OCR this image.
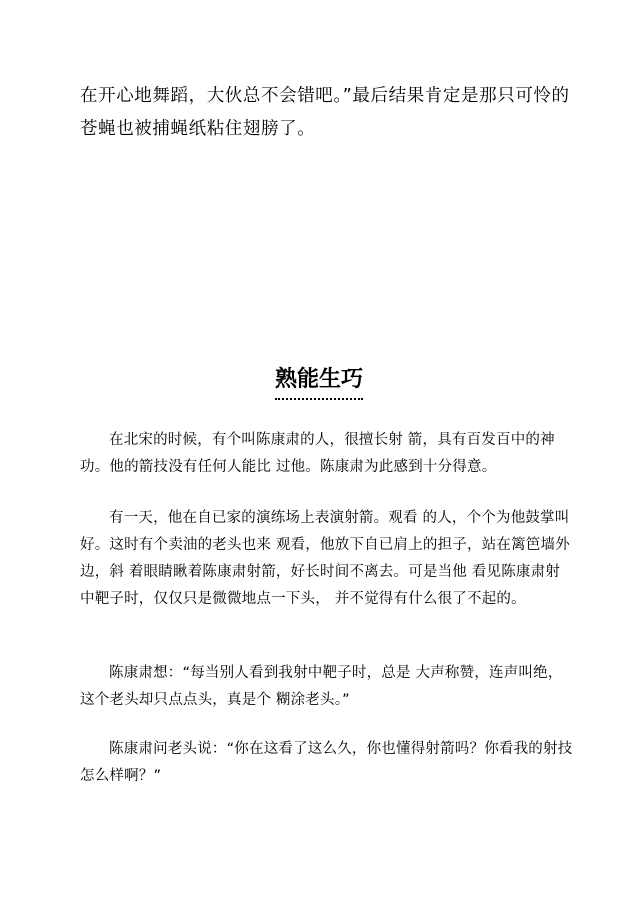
在开心地舞蹈，大伙总不会错吧。”最后结果肯定是那只可怜的苍蝇也被捕蝇纸粘住翅膀了。

熟能生巧

在北宋的时候，有个叫陈康肃的人，很擅长射 箭，具有百发百中的神功。他的箭技没有任何人能比 过他。陈康肃为此感到十分得意。

有一天，他在自已家的演练场上表演射箭。观看 的人，个个为他鼓掌叫好。这时有个卖油的老头也来 观看，他放下自已肩上的担子，站在篱笆墙外边，斜 着眼睛瞅着陈康肃射箭，好长时间不离去。可是当他 看见陈康肃射中靶子时，仅仅只是微微地点一下头， 并不觉得有什么很了不起的。

陈康肃想：“每当别人看到我射中靶子时，总是 大声称赞，连声叫绝，这个老头却只点点头，真是个 糊涂老头。”

陈康肃问老头说：“你在这看了这么久，你也懂得射箭吗？你看我的射技怎么样啊？”
